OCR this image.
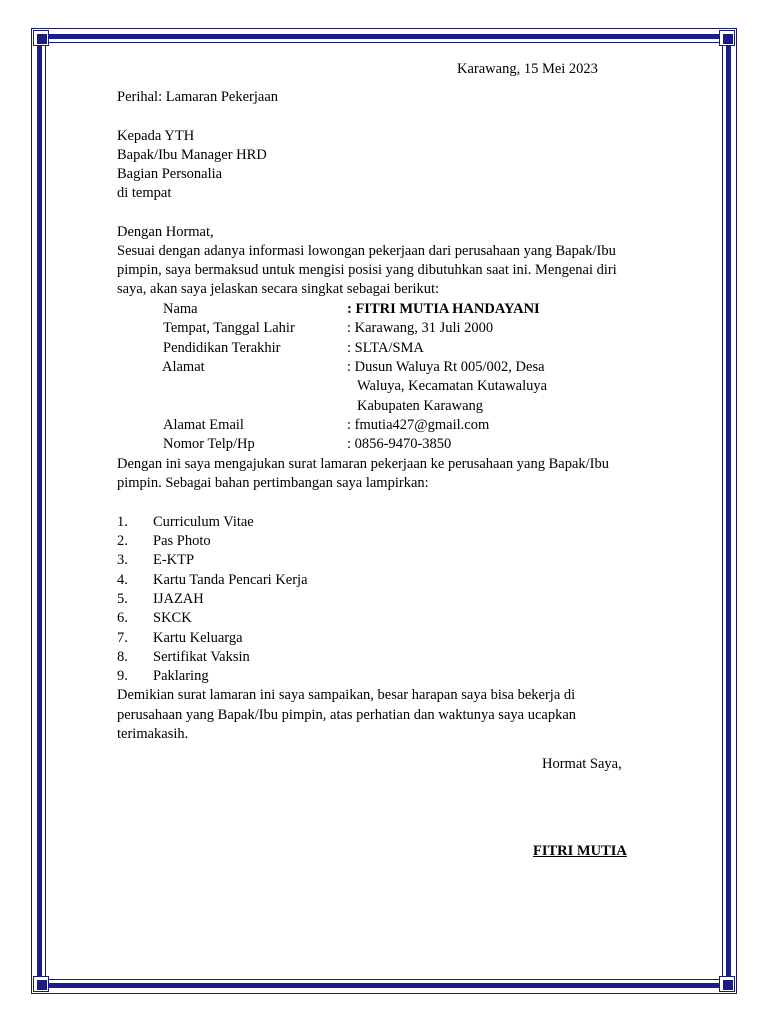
Karawang, 15 Mei 2023
Perihal: Lamaran Pekerjaan
Kepada YTH
Bapak/Ibu Manager HRD
Bagian Personalia
di tempat
Dengan Hormat,
Sesuai dengan adanya informasi lowongan pekerjaan dari perusahaan yang Bapak/Ibu
pimpin, saya bermaksud untuk mengisi posisi yang dibutuhkan saat ini. Mengenai diri
saya, akan saya jelaskan secara singkat sebagai berikut:
Nama	: FITRI MUTIA HANDAYANI
Tempat, Tanggal Lahir	: Karawang, 31 Juli 2000
Pendidikan Terakhir	: SLTA/SMA
Alamat	: Dusun Waluya Rt 005/002, Desa
Waluya, Kecamatan Kutawaluya
Kabupaten Karawang
Alamat Email	: fmutia427@gmail.com
Nomor Telp/Hp	: 0856-9470-3850
Dengan ini saya mengajukan surat lamaran pekerjaan ke perusahaan yang Bapak/Ibu
pimpin. Sebagai bahan pertimbangan saya lampirkan:
1. Curriculum Vitae
2. Pas Photo
3. E-KTP
4. Kartu Tanda Pencari Kerja
5. IJAZAH
6. SKCK
7. Kartu Keluarga
8. Sertifikat Vaksin
9. Paklaring
Demikian surat lamaran ini saya sampaikan, besar harapan saya bisa bekerja di
perusahaan yang Bapak/Ibu pimpin, atas perhatian dan waktunya saya ucapkan
terimakasih.
Hormat Saya,
FITRI MUTIA
